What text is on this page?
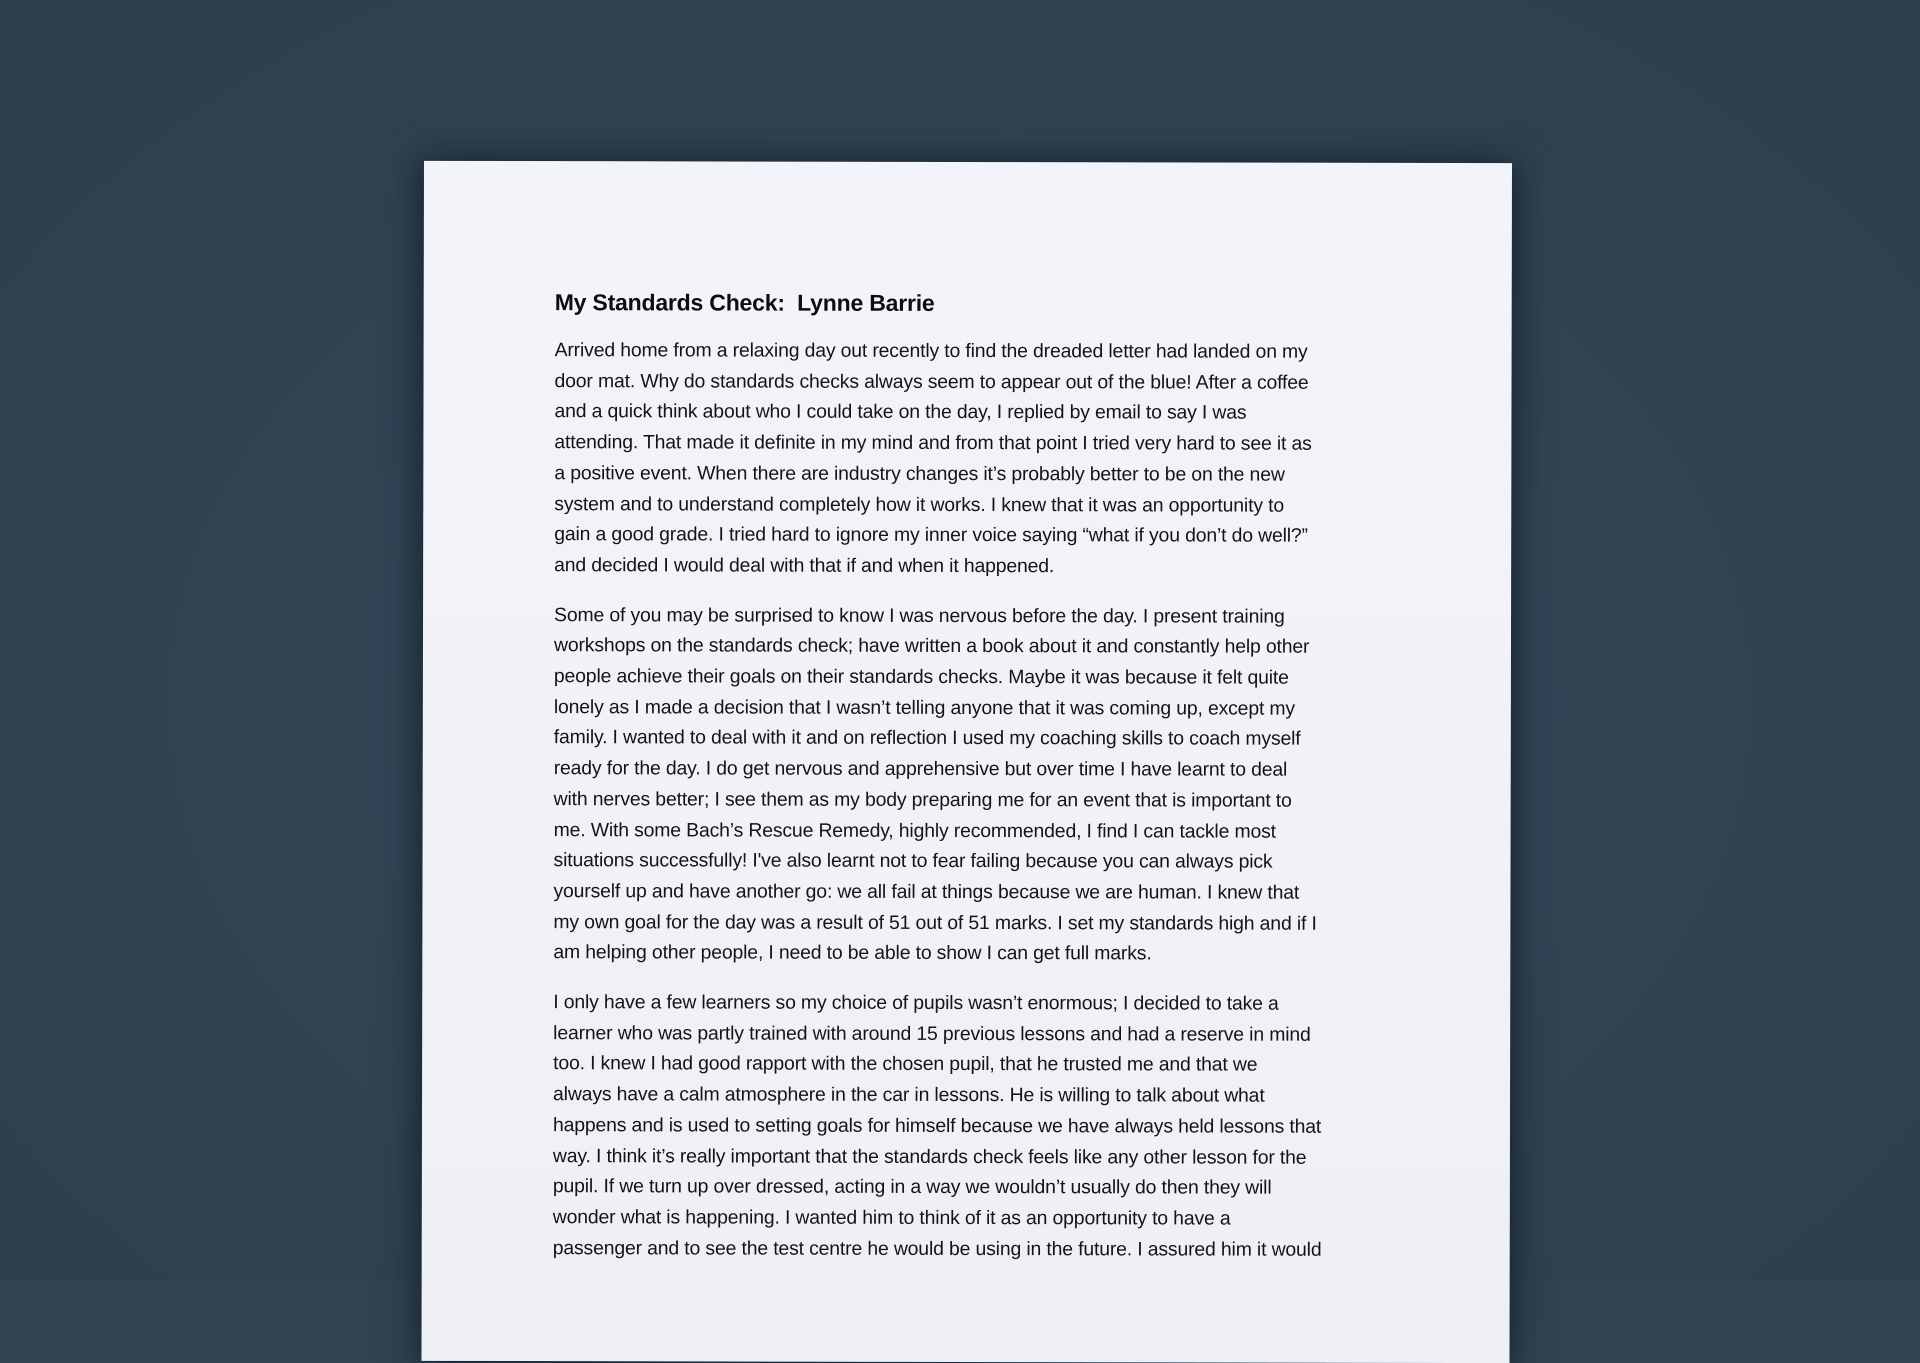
My Standards Check:  Lynne Barrie

Arrived home from a relaxing day out recently to find the dreaded letter had landed on my
door mat. Why do standards checks always seem to appear out of the blue! After a coffee
and a quick think about who I could take on the day, I replied by email to say I was
attending. That made it definite in my mind and from that point I tried very hard to see it as
a positive event. When there are industry changes it’s probably better to be on the new
system and to understand completely how it works. I knew that it was an opportunity to
gain a good grade. I tried hard to ignore my inner voice saying “what if you don’t do well?”
and decided I would deal with that if and when it happened.

Some of you may be surprised to know I was nervous before the day. I present training
workshops on the standards check; have written a book about it and constantly help other
people achieve their goals on their standards checks. Maybe it was because it felt quite
lonely as I made a decision that I wasn’t telling anyone that it was coming up, except my
family. I wanted to deal with it and on reflection I used my coaching skills to coach myself
ready for the day. I do get nervous and apprehensive but over time I have learnt to deal
with nerves better; I see them as my body preparing me for an event that is important to
me. With some Bach’s Rescue Remedy, highly recommended, I find I can tackle most
situations successfully! I've also learnt not to fear failing because you can always pick
yourself up and have another go: we all fail at things because we are human. I knew that
my own goal for the day was a result of 51 out of 51 marks. I set my standards high and if I
am helping other people, I need to be able to show I can get full marks.

I only have a few learners so my choice of pupils wasn’t enormous; I decided to take a
learner who was partly trained with around 15 previous lessons and had a reserve in mind
too. I knew I had good rapport with the chosen pupil, that he trusted me and that we
always have a calm atmosphere in the car in lessons. He is willing to talk about what
happens and is used to setting goals for himself because we have always held lessons that
way. I think it’s really important that the standards check feels like any other lesson for the
pupil. If we turn up over dressed, acting in a way we wouldn’t usually do then they will
wonder what is happening. I wanted him to think of it as an opportunity to have a
passenger and to see the test centre he would be using in the future. I assured him it would
